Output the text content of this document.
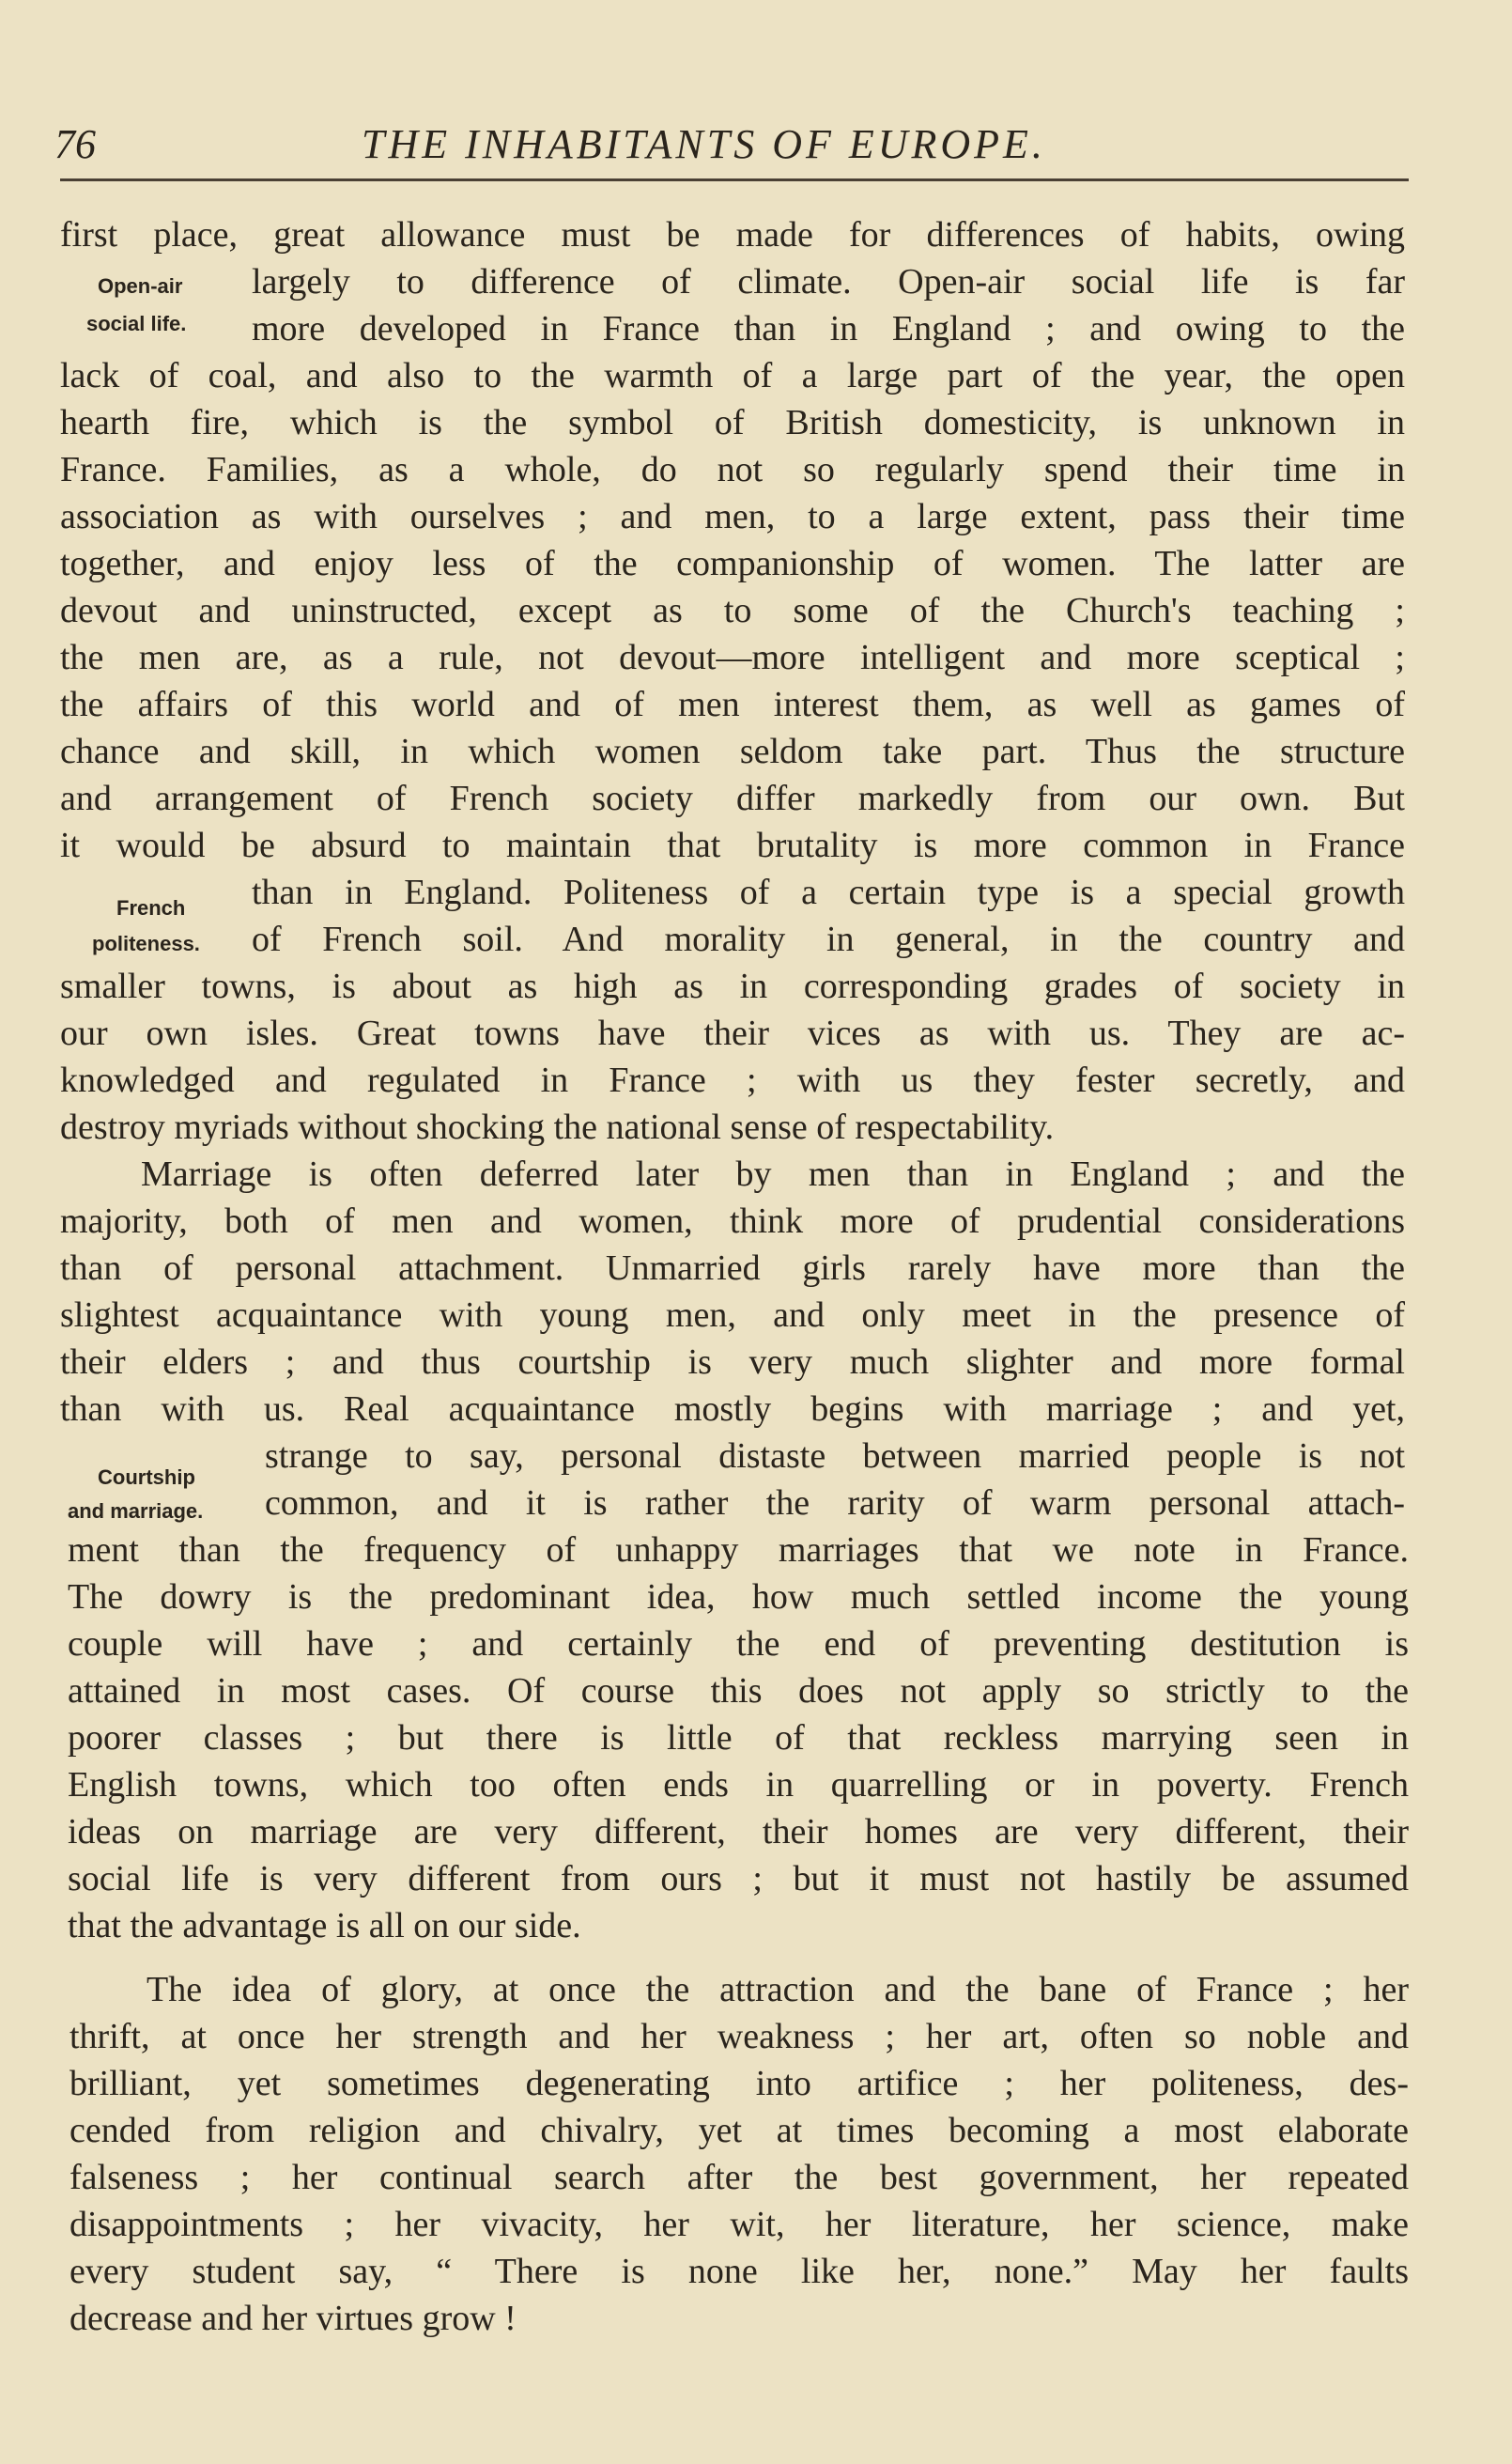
76	THE INHABITANTS OF EUROPE.
Open-air
social life.
French
politeness.
Courtship
and marriage.
first place, great allowance must be made for differences of habits, owing
largely to difference of climate. Open-air social life is far
more developed in France than in England ; and owing to the
lack of coal, and also to the warmth of a large part of the year, the open
hearth fire, which is the symbol of British domesticity, is unknown in
France. Families, as a whole, do not so regularly spend their time in
association as with ourselves ; and men, to a large extent, pass their time
together, and enjoy less of the companionship of women. The latter are
devout and uninstructed, except as to some of the Church's teaching ;
the men are, as a rule, not devout—more intelligent and more sceptical ;
the affairs of this world and of men interest them, as well as games of
chance and skill, in which women seldom take part. Thus the structure
and arrangement of French society differ markedly from our own. But
it would be absurd to maintain that brutality is more common in France
than in England. Politeness of a certain type is a special growth
of French soil. And morality in general, in the country and
smaller towns, is about as high as in corresponding grades of society in
our own isles. Great towns have their vices as with us. They are ac-
knowledged and regulated in France ; with us they fester secretly, and
destroy myriads without shocking the national sense of respectability.
Marriage is often deferred later by men than in England ; and the
majority, both of men and women, think more of prudential considerations
than of personal attachment. Unmarried girls rarely have more than the
slightest acquaintance with young men, and only meet in the presence of
their elders ; and thus courtship is very much slighter and more formal
than with us. Real acquaintance mostly begins with marriage ; and yet,
strange to say, personal distaste between married people is not
common, and it is rather the rarity of warm personal attach-
ment than the frequency of unhappy marriages that we note in France.
The dowry is the predominant idea, how much settled income the young
couple will have ; and certainly the end of preventing destitution is
attained in most cases. Of course this does not apply so strictly to the
poorer classes ; but there is little of that reckless marrying seen in
English towns, which too often ends in quarrelling or in poverty. French
ideas on marriage are very different, their homes are very different, their
social life is very different from ours ; but it must not hastily be assumed
that the advantage is all on our side.
The idea of glory, at once the attraction and the bane of France ; her
thrift, at once her strength and her weakness ; her art, often so noble and
brilliant, yet sometimes degenerating into artifice ; her politeness, des-
cended from religion and chivalry, yet at times becoming a most elaborate
falseness ; her continual search after the best government, her repeated
disappointments ; her vivacity, her wit, her literature, her science, make
every student say, “ There is none like her, none.” May her faults
decrease and her virtues grow !
